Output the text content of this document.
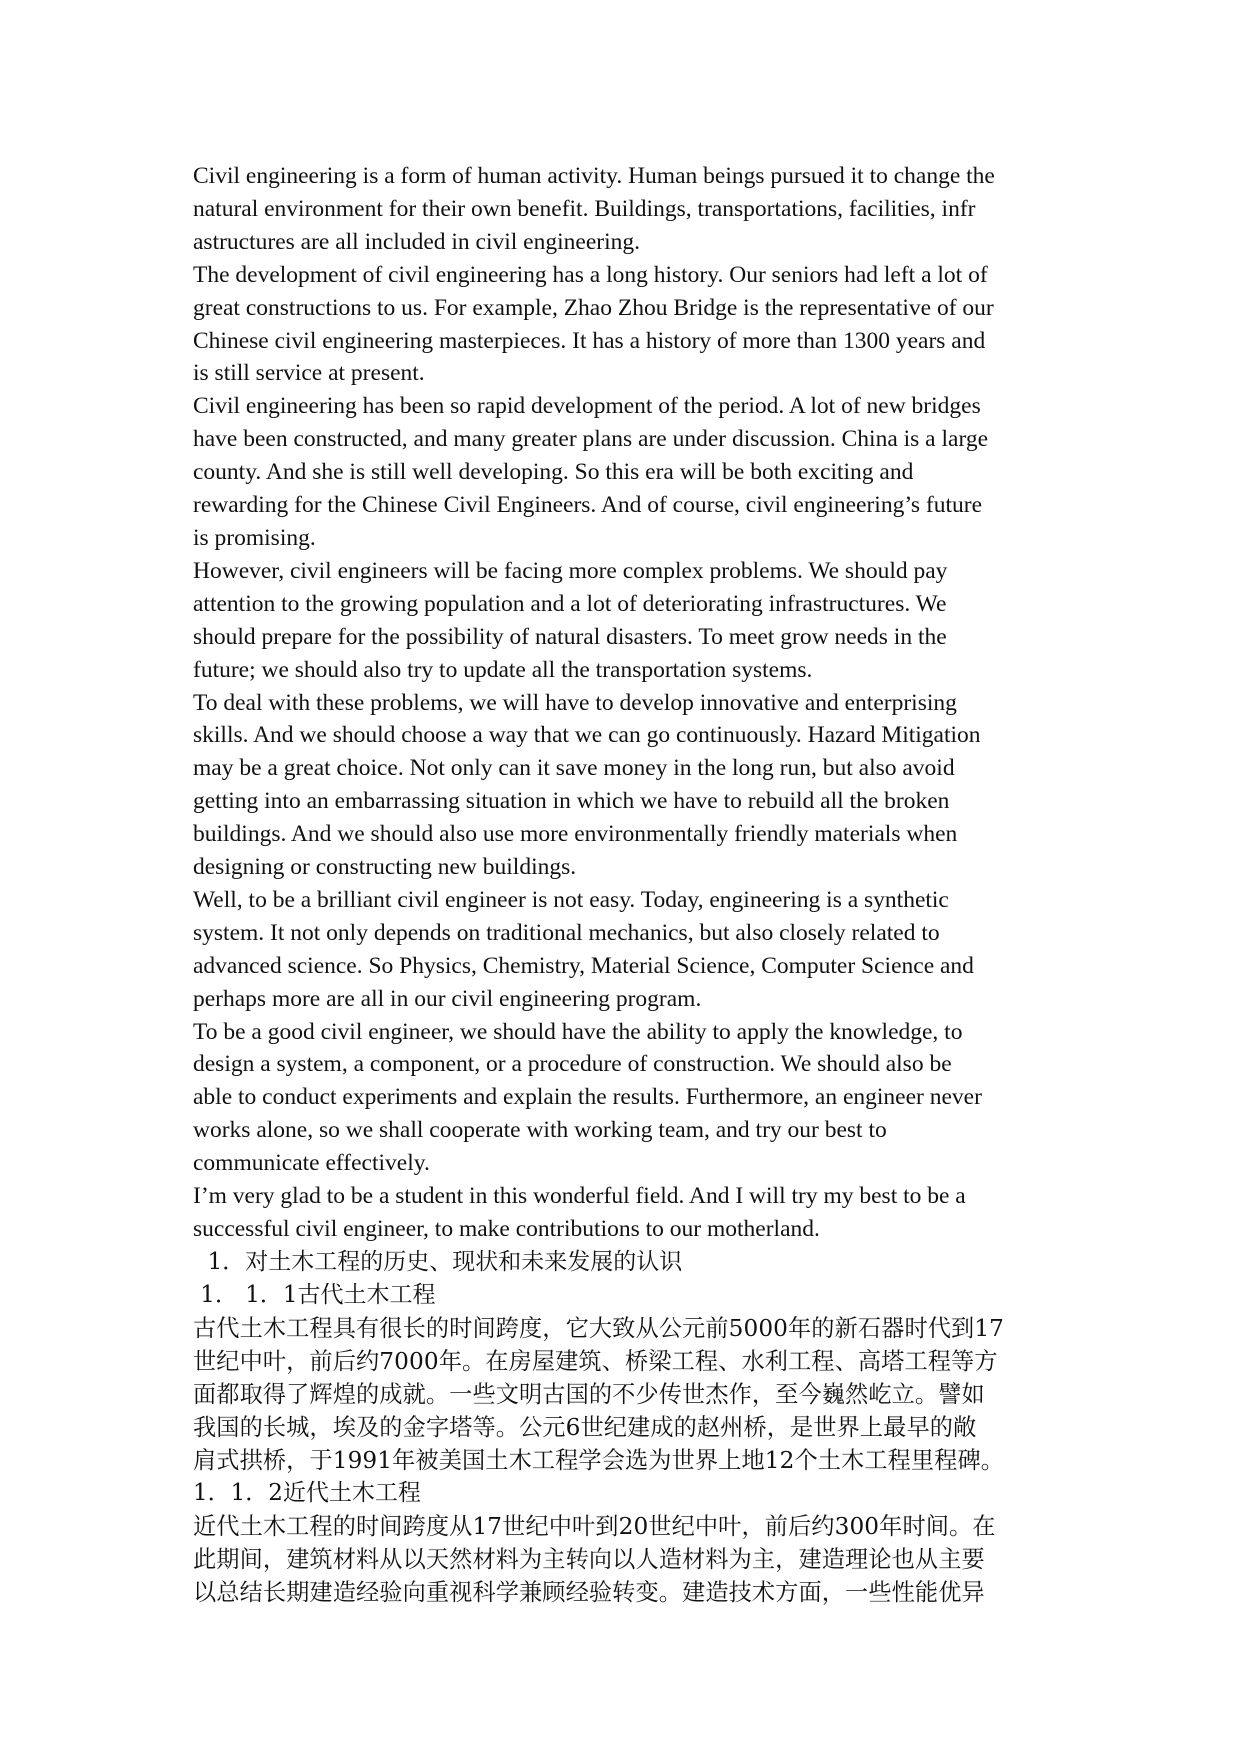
Civil engineering is a form of human activity. Human beings pursued it to change the
natural environment for their own benefit. Buildings, transportations, facilities, infr
astructures are all included in civil engineering.

The development of civil engineering has a long history. Our seniors had left a lot of
great constructions to us. For example, Zhao Zhou Bridge is the representative of our
Chinese civil engineering masterpieces. It has a history of more than 1300 years and
is still service at present.

Civil engineering has been so rapid development of the period. A lot of new bridges
have been constructed, and many greater plans are under discussion. China is a large
county. And she is still well developing. So this era will be both exciting and
rewarding for the Chinese Civil Engineers. And of course, civil engineering’s future
is promising.

However, civil engineers will be facing more complex problems. We should pay
attention to the growing population and a lot of deteriorating infrastructures. We
should prepare for the possibility of natural disasters. To meet grow needs in the
future; we should also try to update all the transportation systems.

To deal with these problems, we will have to develop innovative and enterprising
skills. And we should choose a way that we can go continuously. Hazard Mitigation
may be a great choice. Not only can it save money in the long run, but also avoid
getting into an embarrassing situation in which we have to rebuild all the broken
buildings. And we should also use more environmentally friendly materials when
designing or constructing new buildings.

Well, to be a brilliant civil engineer is not easy. Today, engineering is a synthetic
system. It not only depends on traditional mechanics, but also closely related to
advanced science. So Physics, Chemistry, Material Science, Computer Science and
perhaps more are all in our civil engineering program.

To be a good civil engineer, we should have the ability to apply the knowledge, to
design a system, a component, or a procedure of construction. We should also be
able to conduct experiments and explain the results. Furthermore, an engineer never
works alone, so we shall cooperate with working team, and try our best to
communicate effectively.

I’m very glad to be a student in this wonderful field. And I will try my best to be a
successful civil engineer, to make contributions to our motherland.

1．对土木工程的历史、现状和未来发展的认识

1． 1．1古代土木工程

古代土木工程具有很长的时间跨度，它大致从公元前5000年的新石器时代到17
世纪中叶，前后约7000年。在房屋建筑、桥梁工程、水利工程、高塔工程等方
面都取得了辉煌的成就。一些文明古国的不少传世杰作，至今巍然屹立。譬如
我国的长城，埃及的金字塔等。公元6世纪建成的赵州桥，是世界上最早的敞
肩式拱桥，于1991年被美国土木工程学会选为世界上地12个土木工程里程碑。

1．1．2近代土木工程

近代土木工程的时间跨度从17世纪中叶到20世纪中叶，前后约300年时间。在
此期间，建筑材料从以天然材料为主转向以人造材料为主，建造理论也从主要
以总结长期建造经验向重视科学兼顾经验转变。建造技术方面，一些性能优异
